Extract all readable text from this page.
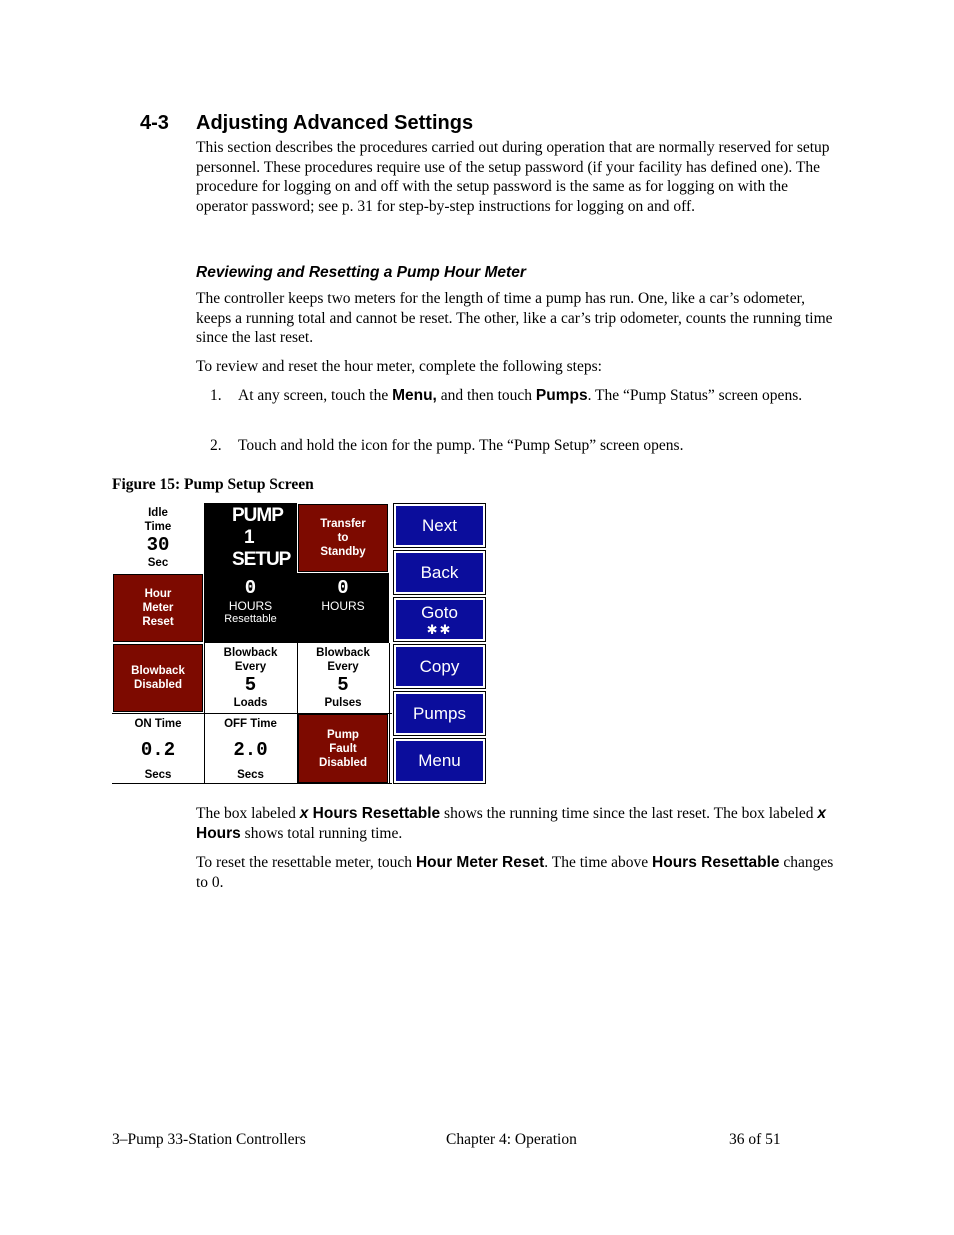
4-3 Adjusting Advanced Settings
This section describes the procedures carried out during operation that are normally reserved for setup personnel. These procedures require use of the setup password (if your facility has defined one). The procedure for logging on and off with the setup password is the same as for logging on with the operator password; see p. 31 for step-by-step instructions for logging on and off.
Reviewing and Resetting a Pump Hour Meter
The controller keeps two meters for the length of time a pump has run. One, like a car’s odometer, keeps a running total and cannot be reset. The other, like a car’s trip odometer, counts the running time since the last reset.
To review and reset the hour meter, complete the following steps:
1. At any screen, touch the Menu, and then touch Pumps. The “Pump Status” screen opens.
2. Touch and hold the icon for the pump. The “Pump Setup” screen opens.
Figure 15: Pump Setup Screen
Idle
Time
30
Sec
PUMP
1
SETUP
Transfer
to
Standby
Next
Hour
Meter
Reset
0
HOURS
Resettable
0
HOURS
Back
Goto
✱✱
Blowback
Disabled
Blowback
Every
5
Loads
Blowback
Every
5
Pulses
Copy
Pumps
ON Time
0.2
Secs
OFF Time
2.0
Secs
Pump
Fault
Disabled	Menu
The box labeled x Hours Resettable shows the running time since the last reset. The box labeled x Hours shows total running time.
To reset the resettable meter, touch Hour Meter Reset. The time above Hours Resettable changes to 0.
3–Pump 33-Station Controllers	Chapter 4: Operation	36 of 51
